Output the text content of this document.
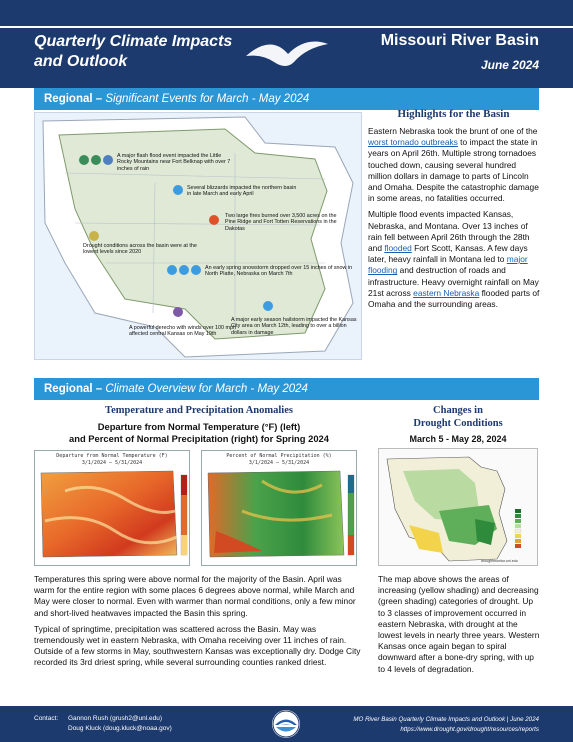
Quarterly Climate Impacts
and Outlook
Missouri River Basin
June 2024
Regional – Significant Events for March - May 2024
A major flash flood event impacted the Little Rocky Mountains near Fort Belknap with over 7 inches of rain
Several blizzards impacted the northern basin in late March and early April
Two large fires burned over 3,500 acres on the Pine Ridge and Fort Totten Reservations in the Dakotas
Drought conditions across the basin were at the lowest levels since 2020
An early spring snowstorm dropped over 15 inches of snow in North Platte, Nebraska on March 7th
A powerful derecho with winds over 100 mph affected central Kansas on May 19th
A major early season hailstorm impacted the Kansas City area on March 12th, leading to over a billion dollars in damage
Highlights for the Basin

Eastern Nebraska took the brunt of one of the worst tornado outbreaks to impact the state in years on April 26th. Multiple strong tornadoes touched down, causing several hundred million dollars in damage to parts of Lincoln and Omaha. Despite the catastrophic damage in some areas, no fatalities occurred.

Multiple flood events impacted Kansas, Nebraska, and Montana. Over 13 inches of rain fell between April 26th through the 28th and flooded Fort Scott, Kansas. A few days later, heavy rainfall in Montana led to major flooding and destruction of roads and infrastructure. Heavy overnight rainfall on May 21st across eastern Nebraska flooded parts of Omaha and the surrounding areas.

Regional – Climate Overview for March - May 2024
Temperature and Precipitation Anomalies
Departure from Normal Temperature (°F) (left)
and Percent of Normal Precipitation (right) for Spring 2024
Departure from Normal Temperature (F)
3/1/2024 – 5/31/2024
Percent of Normal Precipitation (%)
3/1/2024 – 5/31/2024
Changes in
Drought Conditions
March 5 - May 28, 2024
droughtmonitor.unl.edu

Temperatures this spring were above normal for the majority of the Basin. April was warm for the entire region with some places 6 degrees above normal, while March and May were closer to normal. Even with warmer than normal conditions, only a few minor and short-lived heatwaves impacted the Basin this spring.

Typical of springtime, precipitation was scattered across the Basin. May was tremendously wet in eastern Nebraska, with Omaha receiving over 11 inches of rain. Outside of a few storms in May, southwestern Kansas was exceptionally dry. Dodge City recorded its 3rd driest spring, while several surrounding counties ranked driest.

The map above shows the areas of increasing (yellow shading) and decreasing (green shading) categories of drought. Up to 3 classes of improvement occurred in eastern Nebraska, with drought at the lowest levels in nearly three years. Western Kansas once again began to spiral downward after a bone-dry spring, with up to 4 levels of degradation.
Contact: Gannon Rush (grush2@unl.edu)
Doug Kluck (doug.kluck@noaa.gov)
MO River Basin Quarterly Climate Impacts and Outlook | June 2024
https://www.drought.gov/drought/resources/reports
